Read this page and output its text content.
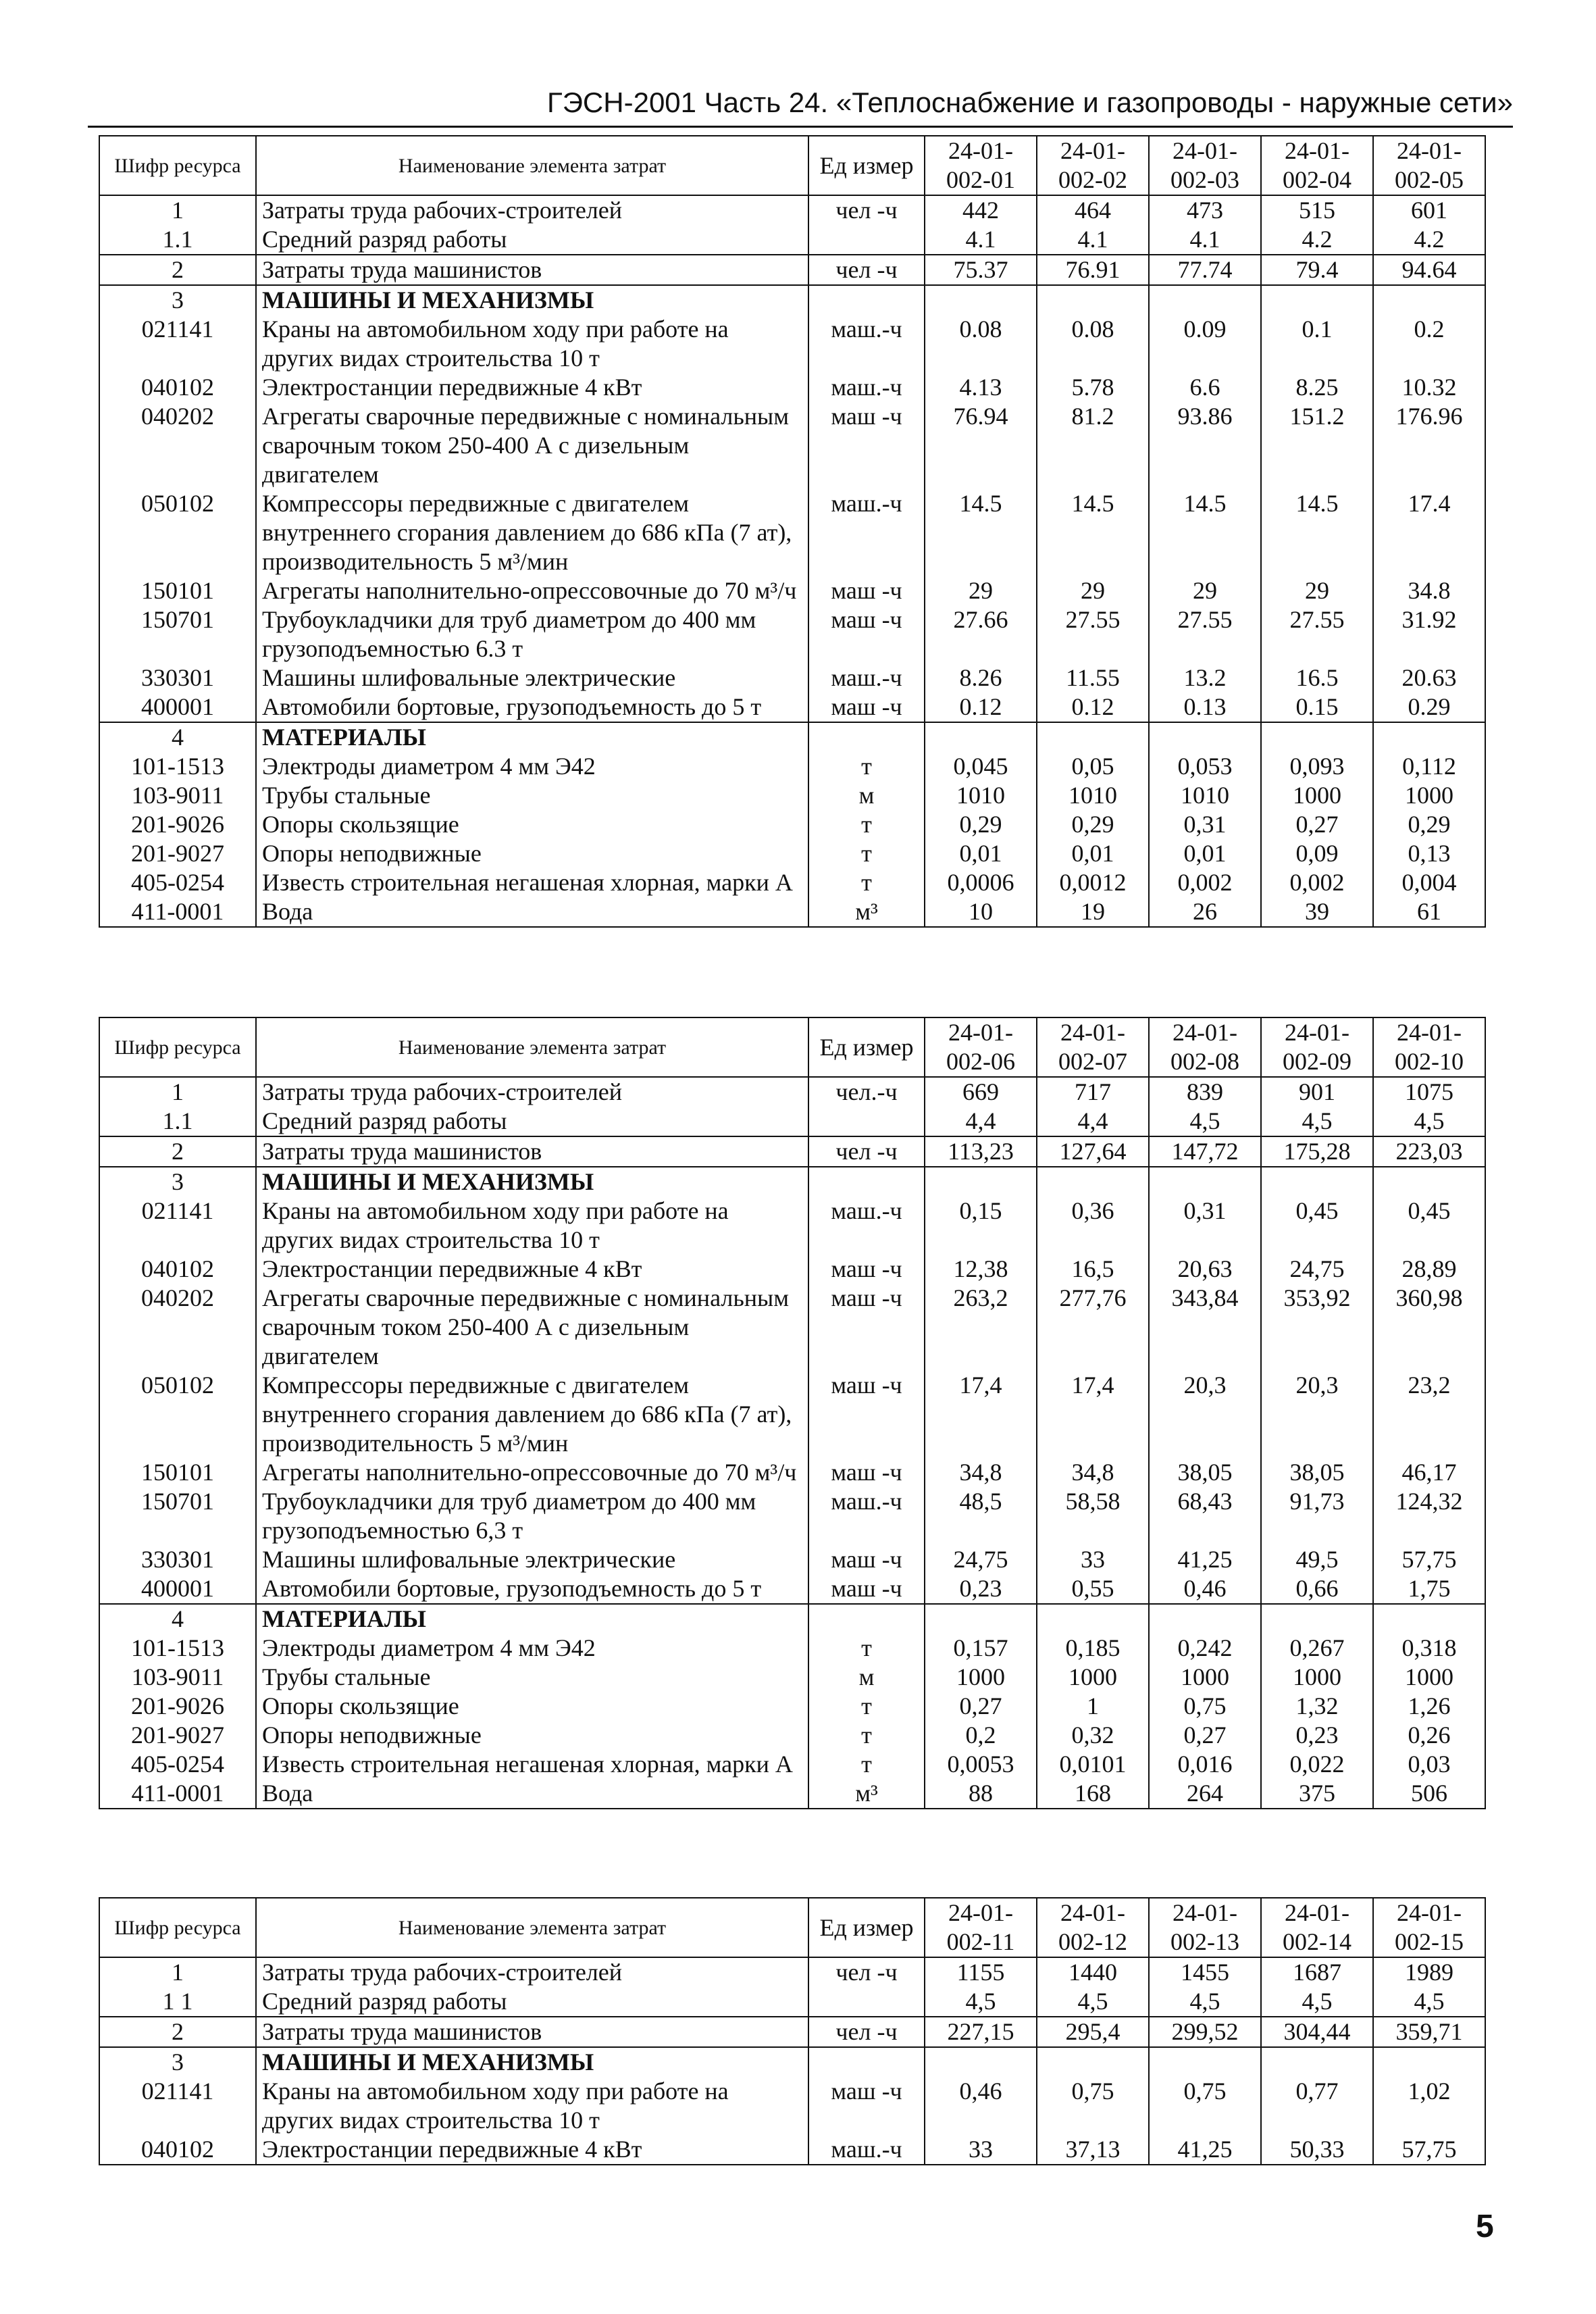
ГЭСН-2001 Часть 24. «Теплоснабжение и газопроводы - наружные сети»
Шифр ресурса	Наименование элемента затрат	Ед измер	24-01-002-01	24-01-002-02	24-01-002-03	24-01-002-04	24-01-002-05
1	Затраты труда рабочих-строителей	чел -ч	442	464	473	515	601
1.1	Средний разряд работы		4.1	4.1	4.1	4.2	4.2
2	Затраты труда машинистов	чел -ч	75.37	76.91	77.74	79.4	94.64
3	МАШИНЫ И МЕХАНИЗМЫ						
021141	Краны на автомобильном ходу при работе на других видах строительства 10 т	маш.-ч	0.08	0.08	0.09	0.1	0.2
040102	Электростанции передвижные 4 кВт	маш.-ч	4.13	5.78	6.6	8.25	10.32
040202	Агрегаты сварочные передвижные с номинальным сварочным током 250-400 А с дизельным двигателем	маш -ч	76.94	81.2	93.86	151.2	176.96
050102	Компрессоры передвижные с двигателем внутреннего сгорания давлением до 686 кПа (7 ат), производительность 5 м³/мин	маш.-ч	14.5	14.5	14.5	14.5	17.4
150101	Агрегаты наполнительно-опрессовочные до 70 м³/ч	маш -ч	29	29	29	29	34.8
150701	Трубоукладчики для труб диаметром до 400 мм грузоподъемностью 6.3 т	маш -ч	27.66	27.55	27.55	27.55	31.92
330301	Машины шлифовальные электрические	маш.-ч	8.26	11.55	13.2	16.5	20.63
400001	Автомобили бортовые, грузоподъемность до 5 т	маш -ч	0.12	0.12	0.13	0.15	0.29
4	МАТЕРИАЛЫ						
101-1513	Электроды диаметром 4 мм Э42	т	0,045	0,05	0,053	0,093	0,112
103-9011	Трубы стальные	м	1010	1010	1010	1000	1000
201-9026	Опоры скользящие	т	0,29	0,29	0,31	0,27	0,29
201-9027	Опоры неподвижные	т	0,01	0,01	0,01	0,09	0,13
405-0254	Известь строительная негашеная хлорная, марки А	т	0,0006	0,0012	0,002	0,002	0,004
411-0001	Вода	м³	10	19	26	39	61
Шифр ресурса	Наименование элемента затрат	Ед измер	24-01-002-06	24-01-002-07	24-01-002-08	24-01-002-09	24-01-002-10
1	Затраты труда рабочих-строителей	чел.-ч	669	717	839	901	1075
1.1	Средний разряд работы		4,4	4,4	4,5	4,5	4,5
2	Затраты труда машинистов	чел -ч	113,23	127,64	147,72	175,28	223,03
3	МАШИНЫ И МЕХАНИЗМЫ						
021141	Краны на автомобильном ходу при работе на других видах строительства 10 т	маш.-ч	0,15	0,36	0,31	0,45	0,45
040102	Электростанции передвижные 4 кВт	маш -ч	12,38	16,5	20,63	24,75	28,89
040202	Агрегаты сварочные передвижные с номинальным сварочным током 250-400 А с дизельным двигателем	маш -ч	263,2	277,76	343,84	353,92	360,98
050102	Компрессоры передвижные с двигателем внутреннего сгорания давлением до 686 кПа (7 ат), производительность 5 м³/мин	маш -ч	17,4	17,4	20,3	20,3	23,2
150101	Агрегаты наполнительно-опрессовочные до 70 м³/ч	маш -ч	34,8	34,8	38,05	38,05	46,17
150701	Трубоукладчики для труб диаметром до 400 мм грузоподъемностью 6,3 т	маш.-ч	48,5	58,58	68,43	91,73	124,32
330301	Машины шлифовальные электрические	маш -ч	24,75	33	41,25	49,5	57,75
400001	Автомобили бортовые, грузоподъемность до 5 т	маш -ч	0,23	0,55	0,46	0,66	1,75
4	МАТЕРИАЛЫ						
101-1513	Электроды диаметром 4 мм Э42	т	0,157	0,185	0,242	0,267	0,318
103-9011	Трубы стальные	м	1000	1000	1000	1000	1000
201-9026	Опоры скользящие	т	0,27	1	0,75	1,32	1,26
201-9027	Опоры неподвижные	т	0,2	0,32	0,27	0,23	0,26
405-0254	Известь строительная негашеная хлорная, марки А	т	0,0053	0,0101	0,016	0,022	0,03
411-0001	Вода	м³	88	168	264	375	506
Шифр ресурса	Наименование элемента затрат	Ед измер	24-01-002-11	24-01-002-12	24-01-002-13	24-01-002-14	24-01-002-15
1	Затраты труда рабочих-строителей	чел -ч	1155	1440	1455	1687	1989
1 1	Средний разряд работы		4,5	4,5	4,5	4,5	4,5
2	Затраты труда машинистов	чел -ч	227,15	295,4	299,52	304,44	359,71
3	МАШИНЫ И МЕХАНИЗМЫ						
021141	Краны на автомобильном ходу при работе на других видах строительства 10 т	маш -ч	0,46	0,75	0,75	0,77	1,02
040102	Электростанции передвижные 4 кВт	маш.-ч	33	37,13	41,25	50,33	57,75
5
